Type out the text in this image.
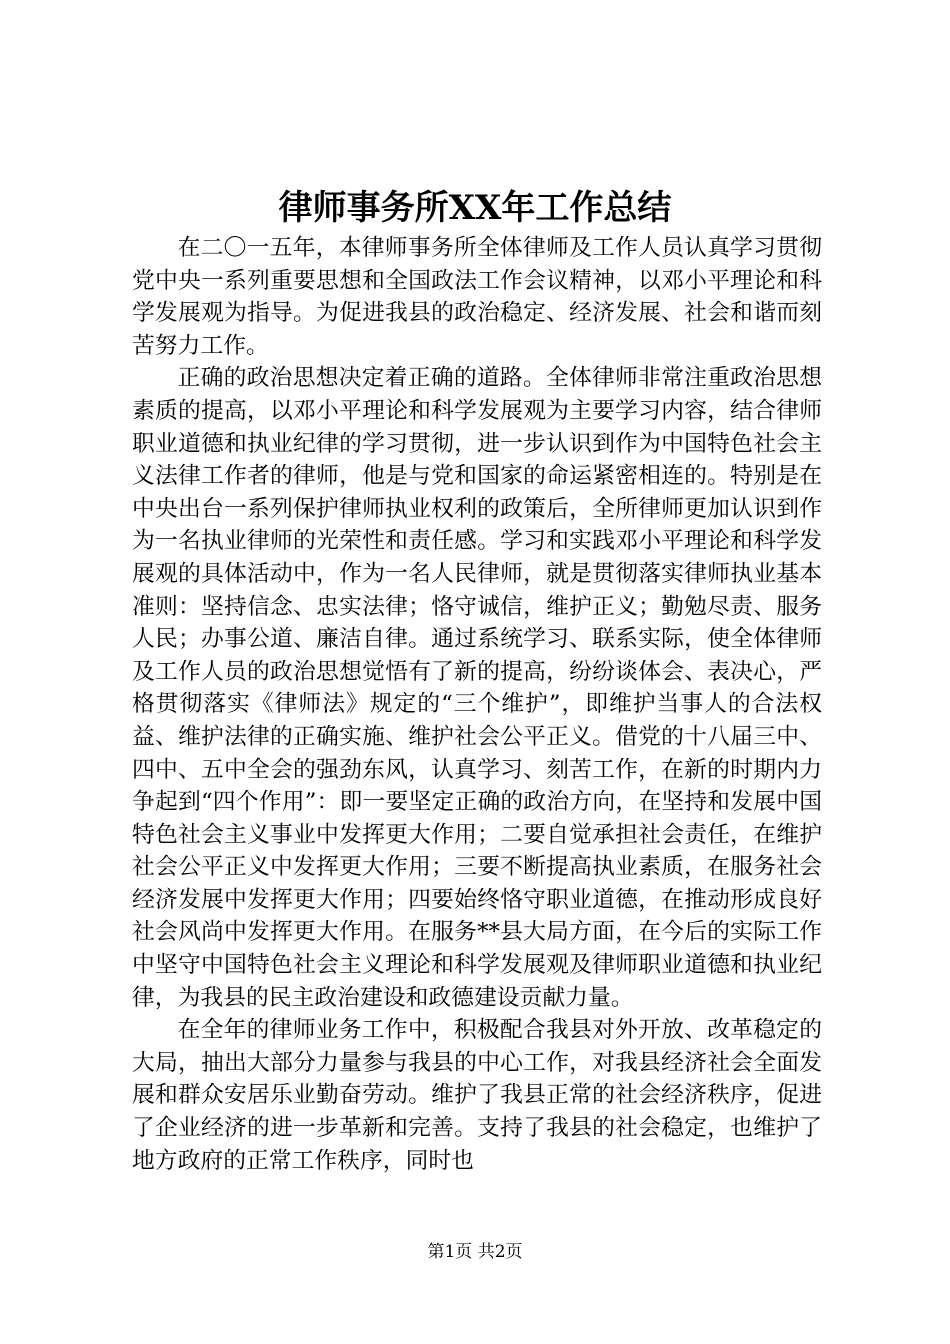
律师事务所XX年工作总结

在二〇一五年，本律师事务所全体律师及工作人员认真学习贯彻党中央一系列重要思想和全国政法工作会议精神，以邓小平理论和科学发展观为指导。为促进我县的政治稳定、经济发展、社会和谐而刻苦努力工作。

正确的政治思想决定着正确的道路。全体律师非常注重政治思想素质的提高，以邓小平理论和科学发展观为主要学习内容，结合律师职业道德和执业纪律的学习贯彻，进一步认识到作为中国特色社会主义法律工作者的律师，他是与党和国家的命运紧密相连的。特别是在中央出台一系列保护律师执业权利的政策后，全所律师更加认识到作为一名执业律师的光荣性和责任感。学习和实践邓小平理论和科学发展观的具体活动中，作为一名人民律师，就是贯彻落实律师执业基本准则：坚持信念、忠实法律；恪守诚信，维护正义；勤勉尽责、服务人民；办事公道、廉洁自律。通过系统学习、联系实际，使全体律师及工作人员的政治思想觉悟有了新的提高，纷纷谈体会、表决心，严格贯彻落实《律师法》规定的“三个维护”，即维护当事人的合法权益、维护法律的正确实施、维护社会公平正义。借党的十八届三中、四中、五中全会的强劲东风，认真学习、刻苦工作，在新的时期内力争起到“四个作用”：即一要坚定正确的政治方向，在坚持和发展中国特色社会主义事业中发挥更大作用；二要自觉承担社会责任，在维护社会公平正义中发挥更大作用；三要不断提高执业素质，在服务社会经济发展中发挥更大作用；四要始终恪守职业道德，在推动形成良好社会风尚中发挥更大作用。在服务**县大局方面，在今后的实际工作中坚守中国特色社会主义理论和科学发展观及律师职业道德和执业纪律，为我县的民主政治建设和政德建设贡献力量。

在全年的律师业务工作中，积极配合我县对外开放、改革稳定的大局，抽出大部分力量参与我县的中心工作，对我县经济社会全面发展和群众安居乐业勤奋劳动。维护了我县正常的社会经济秩序，促进了企业经济的进一步革新和完善。支持了我县的社会稳定，也维护了地方政府的正常工作秩序，同时也

第1页 共2页
